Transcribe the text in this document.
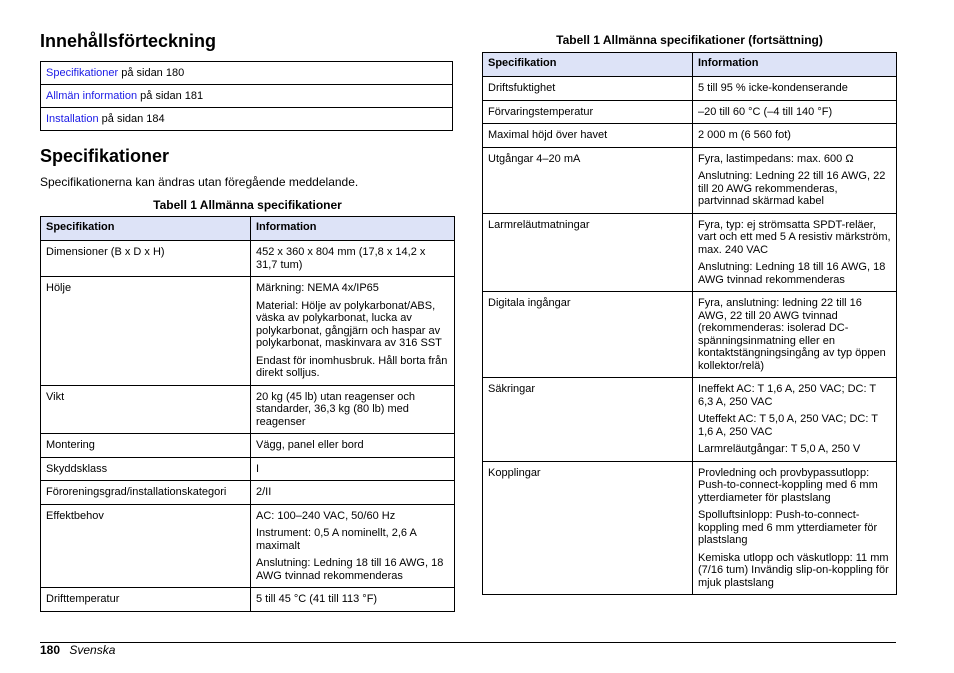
Innehållsförteckning
Specifikationer på sidan 180
Allmän information på sidan 181
Installation på sidan 184
Specifikationer
Specifikationerna kan ändras utan föregående meddelande.
Tabell 1 Allmänna specifikationer
Specifikation	Information
Dimensioner (B x D x H)	452 x 360 x 804 mm (17,8 x 14,2 x 31,7 tum)

Hölje	Märkning: NEMA 4x/IP65

Material: Hölje av polykarbonat/ABS, väska av polykarbonat, lucka av polykarbonat, gångjärn och haspar av polykarbonat, maskinvara av 316 SST

Endast för inomhusbruk. Håll borta från direkt solljus.

Vikt	20 kg (45 lb) utan reagenser och standarder, 36,3 kg (80 lb) med reagenser

Montering	Vägg, panel eller bord

Skyddsklass	I

Föroreningsgrad/installationskategori	2/II

Effektbehov	AC: 100–240 VAC, 50/60 Hz

Instrument: 0,5 A nominellt, 2,6 A maximalt

Anslutning: Ledning 18 till 16 AWG, 18 AWG tvinnad rekommenderas

Drifttemperatur	5 till 45 °C (41 till 113 °F)

Tabell 1 Allmänna specifikationer (fortsättning)
Specifikation	Information
Driftsfuktighet	5 till 95 % icke-kondenserande

Förvaringstemperatur	–20 till 60 °C (–4 till 140 °F)

Maximal höjd över havet	2 000 m (6 560 fot)

Utgångar 4–20 mA	Fyra, lastimpedans: max. 600 Ω

Anslutning: Ledning 22 till 16 AWG, 22 till 20 AWG rekommenderas, partvinnad skärmad kabel

Larmreläutmatningar	Fyra, typ: ej strömsatta SPDT-reläer, vart och ett med 5 A resistiv märkström, max. 240 VAC

Anslutning: Ledning 18 till 16 AWG, 18 AWG tvinnad rekommenderas

Digitala ingångar	Fyra, anslutning: ledning 22 till 16 AWG, 22 till 20 AWG tvinnad (rekommenderas: isolerad DC-spänningsinmatning eller en kontaktstängningsingång av typ öppen kollektor/relä)

Säkringar	Ineffekt AC: T 1,6 A, 250 VAC; DC: T 6,3 A, 250 VAC

Uteffekt AC: T 5,0 A, 250 VAC; DC: T 1,6 A, 250 VAC

Larmreläutgångar: T 5,0 A, 250 V

Kopplingar	Provledning och provbypassutlopp: Push-to-connect-koppling med 6 mm ytterdiameter för plastslang

Spolluftsinlopp: Push-to-connect-koppling med 6 mm ytterdiameter för plastslang

Kemiska utlopp och väskutlopp: 11 mm (7/16 tum) Invändig slip-on-koppling för mjuk plastslang

180 Svenska
